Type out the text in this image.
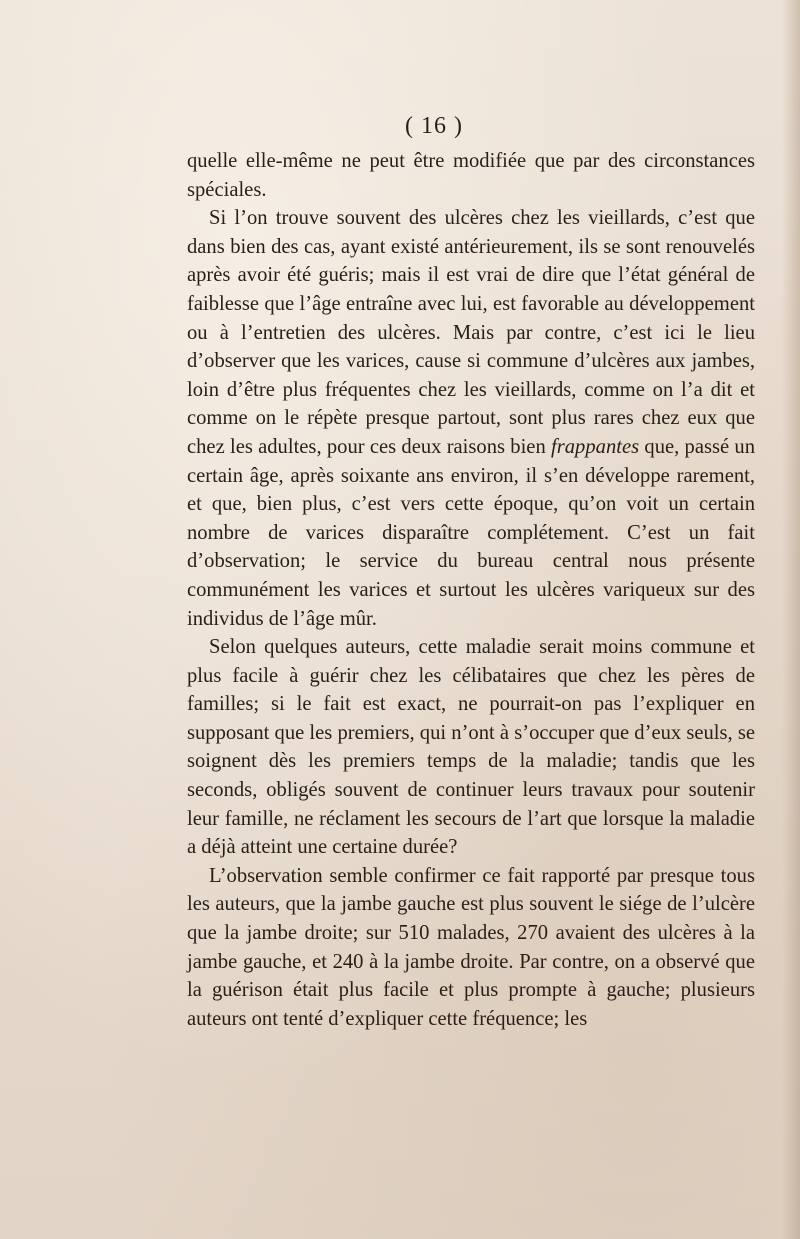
( 16 )

quelle elle-même ne peut être modifiée que par des circonstances spéciales.

Si l’on trouve souvent des ulcères chez les vieillards, c’est que dans bien des cas, ayant existé antérieurement, ils se sont renouvelés après avoir été guéris; mais il est vrai de dire que l’état général de faiblesse que l’âge entraîne avec lui, est favorable au développement ou à l’entretien des ulcères. Mais par contre, c’est ici le lieu d’observer que les varices, cause si commune d’ulcères aux jambes, loin d’être plus fréquentes chez les vieillards, comme on l’a dit et comme on le répète presque partout, sont plus rares chez eux que chez les adultes, pour ces deux raisons bien frappantes que, passé un certain âge, après soixante ans environ, il s’en développe rarement, et que, bien plus, c’est vers cette époque, qu’on voit un certain nombre de varices disparaître complétement. C’est un fait d’observation; le service du bureau central nous présente communément les varices et surtout les ulcères variqueux sur des individus de l’âge mûr.

Selon quelques auteurs, cette maladie serait moins commune et plus facile à guérir chez les célibataires que chez les pères de familles; si le fait est exact, ne pourrait-on pas l’expliquer en supposant que les premiers, qui n’ont à s’occuper que d’eux seuls, se soignent dès les premiers temps de la maladie; tandis que les seconds, obligés souvent de continuer leurs travaux pour soutenir leur famille, ne réclament les secours de l’art que lorsque la maladie a déjà atteint une certaine durée?

L’observation semble confirmer ce fait rapporté par presque tous les auteurs, que la jambe gauche est plus souvent le siége de l’ulcère que la jambe droite; sur 510 malades, 270 avaient des ulcères à la jambe gauche, et 240 à la jambe droite. Par contre, on a observé que la guérison était plus facile et plus prompte à gauche; plusieurs auteurs ont tenté d’expliquer cette fréquence; les
